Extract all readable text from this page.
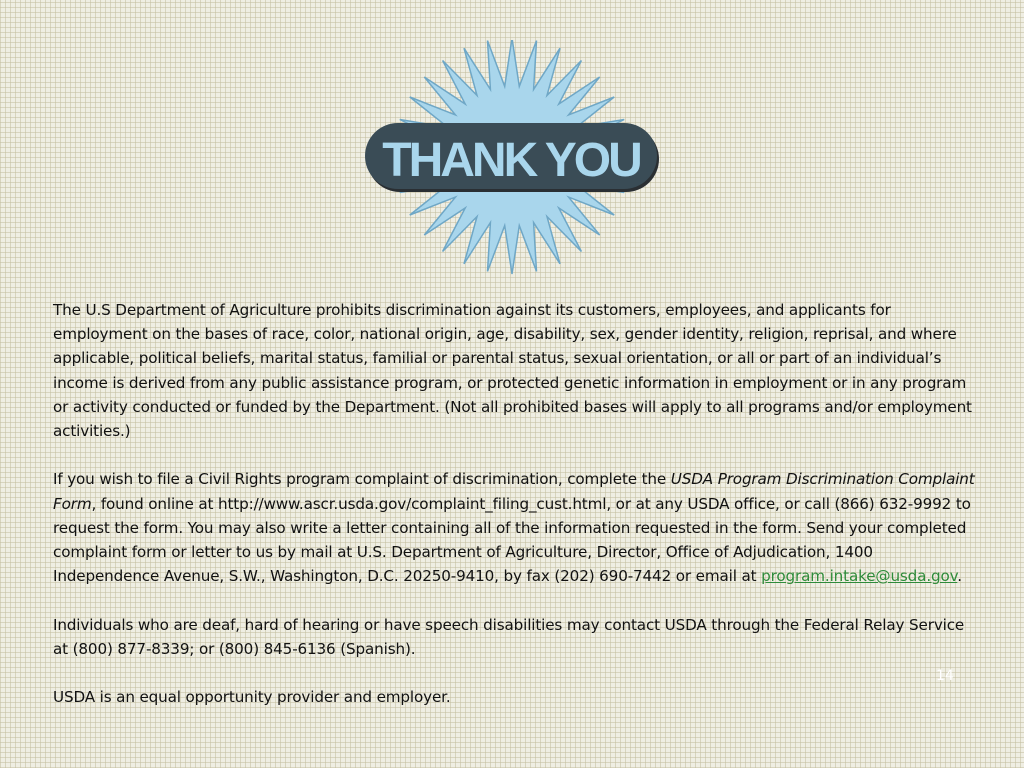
THANK YOU

The U.S Department of Agriculture prohibits discrimination against its customers, employees, and applicants for employment on the bases of race, color, national origin, age, disability, sex, gender identity, religion, reprisal, and where applicable, political beliefs, marital status, familial or parental status, sexual orientation, or all or part of an individual’s income is derived from any public assistance program, or protected genetic information in employment or in any program or activity conducted or funded by the Department. (Not all prohibited bases will apply to all programs and/or employment activities.)

If you wish to file a Civil Rights program complaint of discrimination, complete the USDA Program Discrimination Complaint Form, found online at http://www.ascr.usda.gov/complaint_filing_cust.html, or at any USDA office, or call (866) 632-9992 to request the form. You may also write a letter containing all of the information requested in the form. Send your completed complaint form or letter to us by mail at U.S. Department of Agriculture, Director, Office of Adjudication, 1400 Independence Avenue, S.W., Washington, D.C. 20250-9410, by fax (202) 690-7442 or email at program.intake@usda.gov.

Individuals who are deaf, hard of hearing or have speech disabilities may contact USDA through the Federal Relay Service at (800) 877-8339; or (800) 845-6136 (Spanish).

USDA is an equal opportunity provider and employer.

14
